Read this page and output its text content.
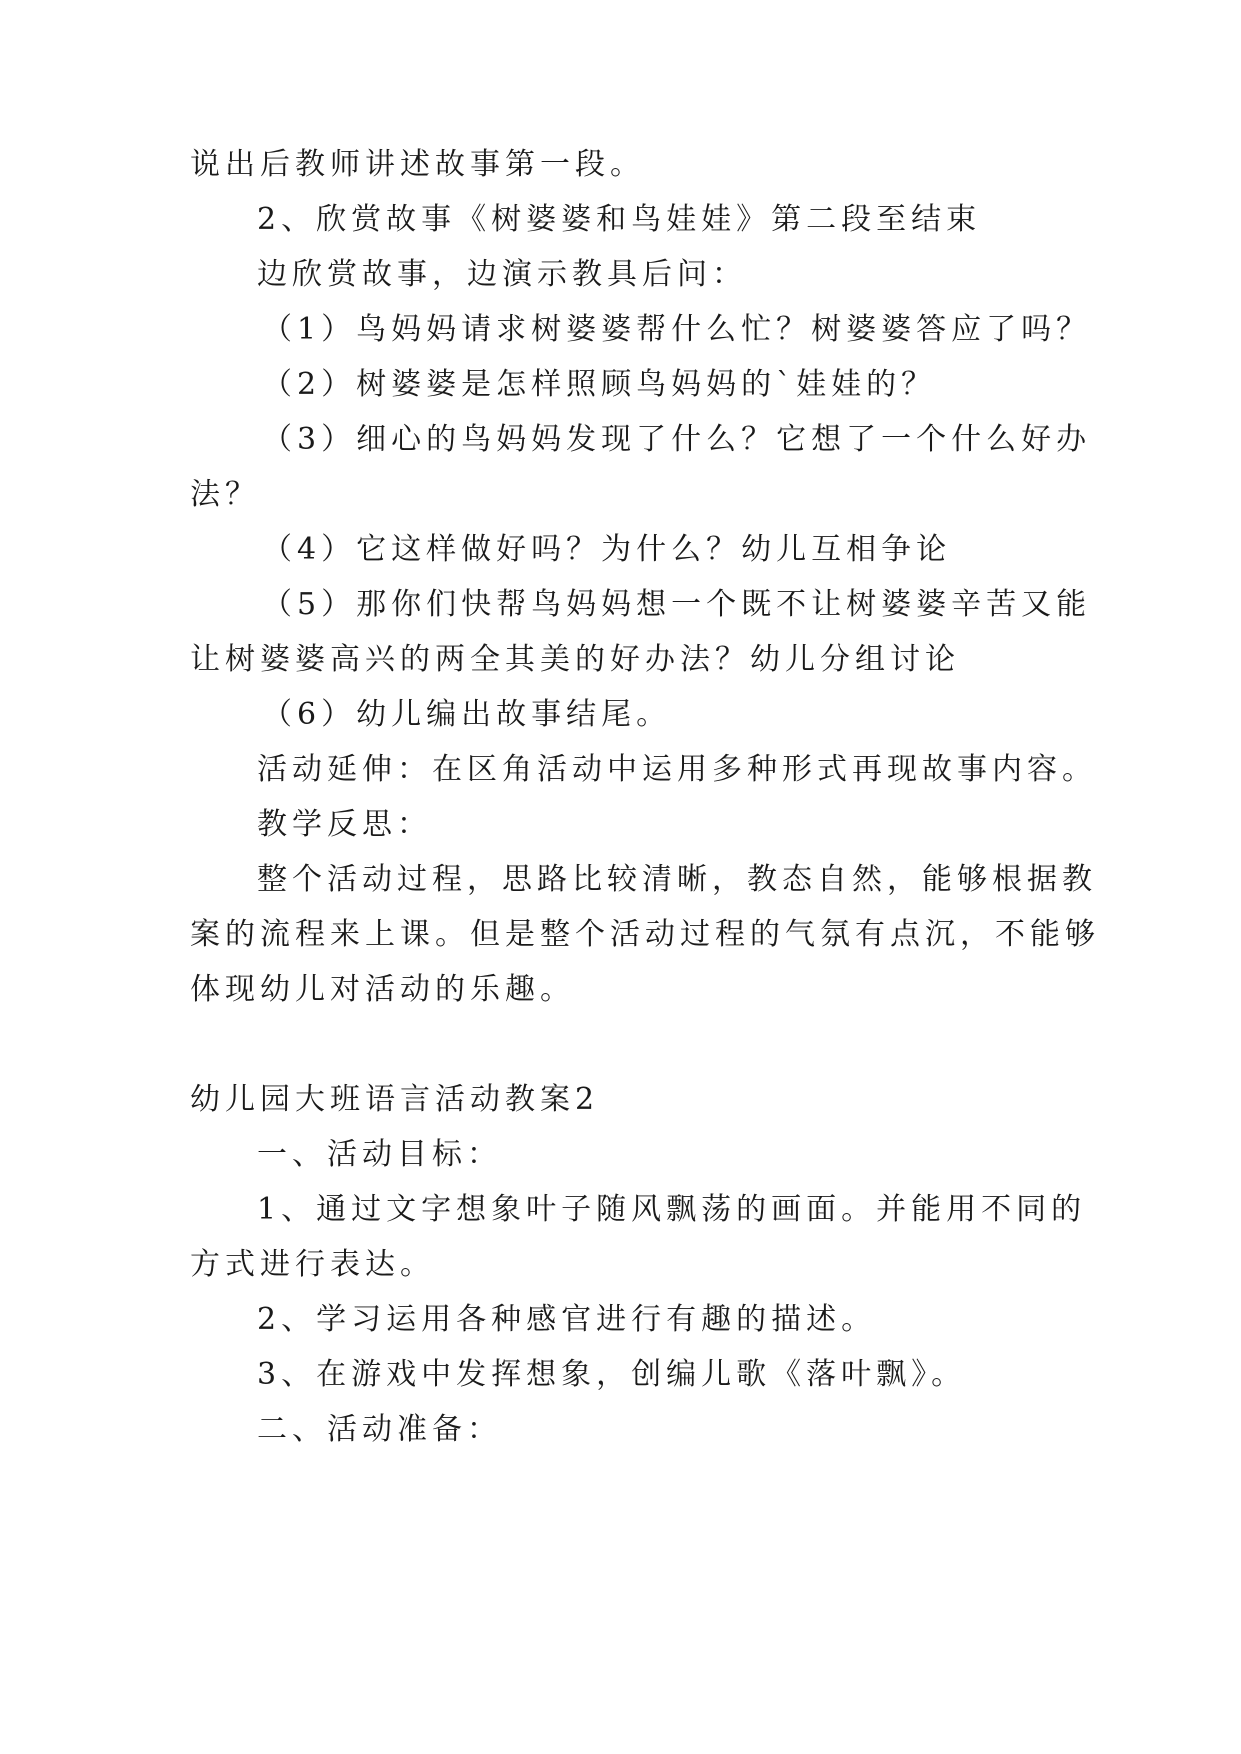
说出后教师讲述故事第一段。
2、欣赏故事《树婆婆和鸟娃娃》第二段至结束
边欣赏故事，边演示教具后问：
（1）鸟妈妈请求树婆婆帮什么忙？树婆婆答应了吗？
（2）树婆婆是怎样照顾鸟妈妈的`娃娃的？
（3）细心的鸟妈妈发现了什么？它想了一个什么好办
法？
（4）它这样做好吗？为什么？幼儿互相争论
（5）那你们快帮鸟妈妈想一个既不让树婆婆辛苦又能
让树婆婆高兴的两全其美的好办法？幼儿分组讨论
（6）幼儿编出故事结尾。
活动延伸：在区角活动中运用多种形式再现故事内容。
教学反思：
整个活动过程，思路比较清晰，教态自然，能够根据教
案的流程来上课。但是整个活动过程的气氛有点沉，不能够
体现幼儿对活动的乐趣。
幼儿园大班语言活动教案2
一、活动目标：
1、通过文字想象叶子随风飘荡的画面。并能用不同的
方式进行表达。
2、学习运用各种感官进行有趣的描述。
3、在游戏中发挥想象，创编儿歌《落叶飘》。
二、活动准备：
